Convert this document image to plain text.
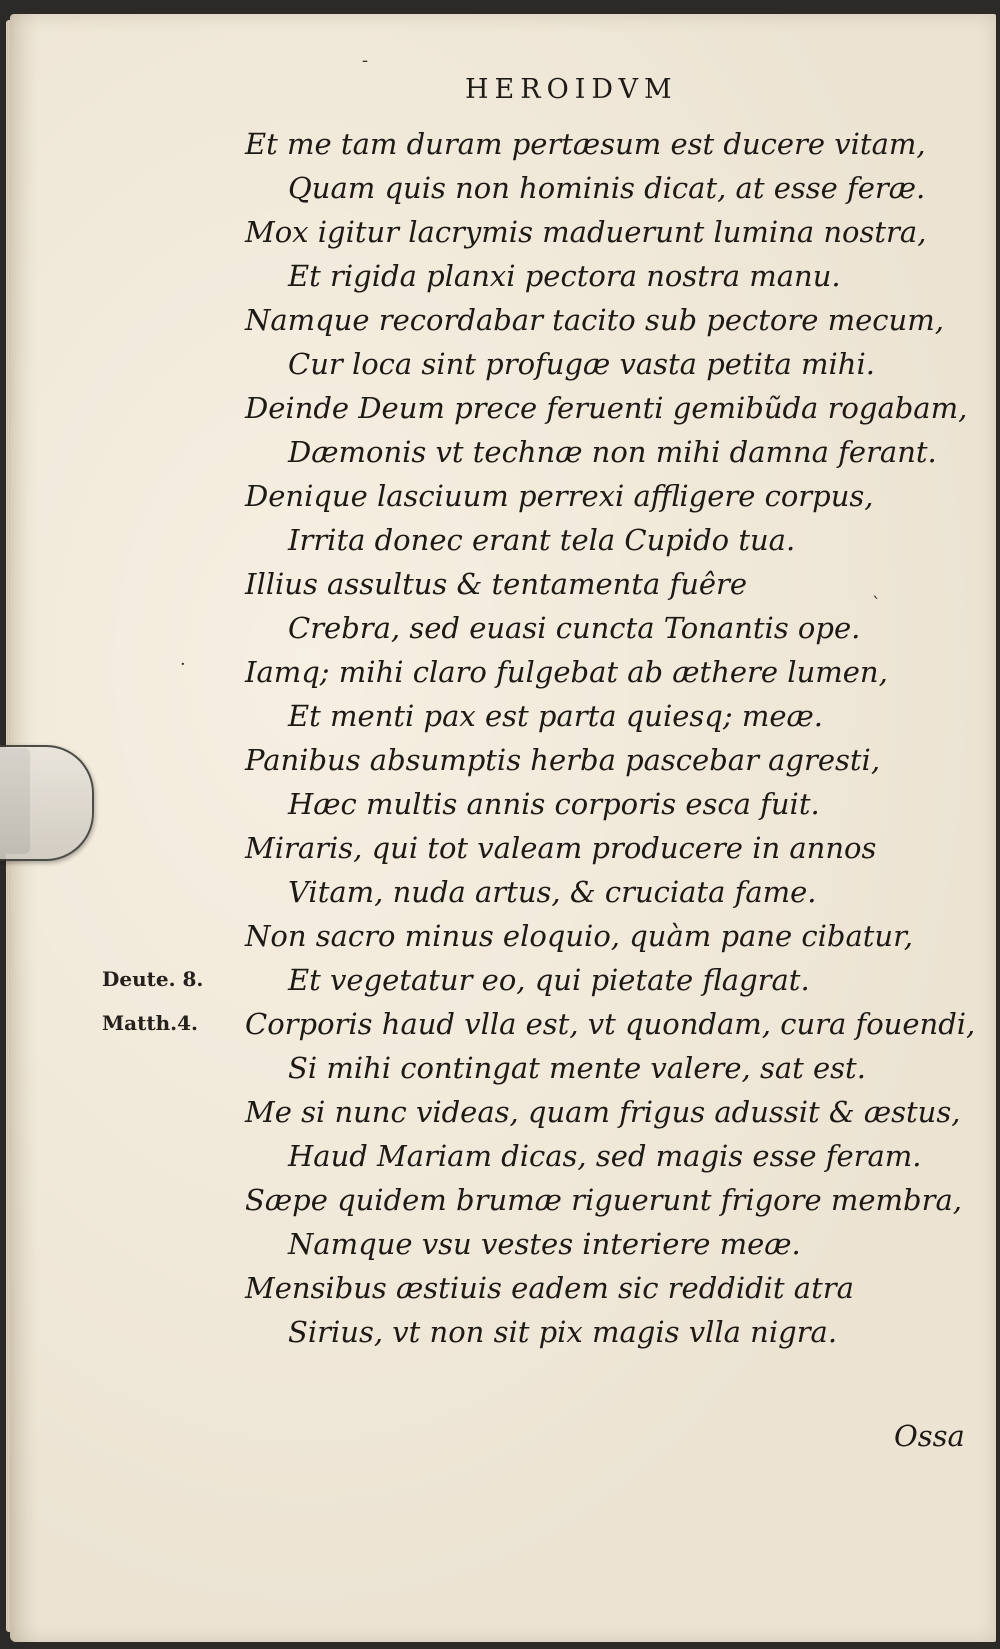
HEROIDVM
Et me tam duram pertæsum est ducere vitam,
Quam quis non hominis dicat, at esse feræ.
Mox igitur lacrymis maduerunt lumina nostra,
Et rigida planxi pectora nostra manu.
Namque recordabar tacito sub pectore mecum,
Cur loca sint profugæ vasta petita mihi.
Deinde Deum prece feruenti gemibũda rogabam,
Dæmonis vt technæ non mihi damna ferant.
Denique lasciuum perrexi affligere corpus,
Irrita donec erant tela Cupido tua.
Illius assultus & tentamenta fuêre
Crebra, sed euasi cuncta Tonantis ope.
Iamq; mihi claro fulgebat ab æthere lumen,
Et menti pax est parta quiesq; meæ.
Panibus absumptis herba pascebar agresti,
Hæc multis annis corporis esca fuit.
Miraris, qui tot valeam producere in annos
Vitam, nuda artus, & cruciata fame.
Non sacro minus eloquio, quàm pane cibatur,
Et vegetatur eo, qui pietate flagrat.
Corporis haud vlla est, vt quondam, cura fouendi,
Si mihi contingat mente valere, sat est.
Me si nunc videas, quam frigus adussit & æstus,
Haud Mariam dicas, sed magis esse feram.
Sæpe quidem brumæ riguerunt frigore membra,
Namque vsu vestes interiere meæ.
Mensibus æstiuis eadem sic reddidit atra
Sirius, vt non sit pix magis vlla nigra.
Deute. 8.
Matth.4.
Ossa
‐
ˋ
·
